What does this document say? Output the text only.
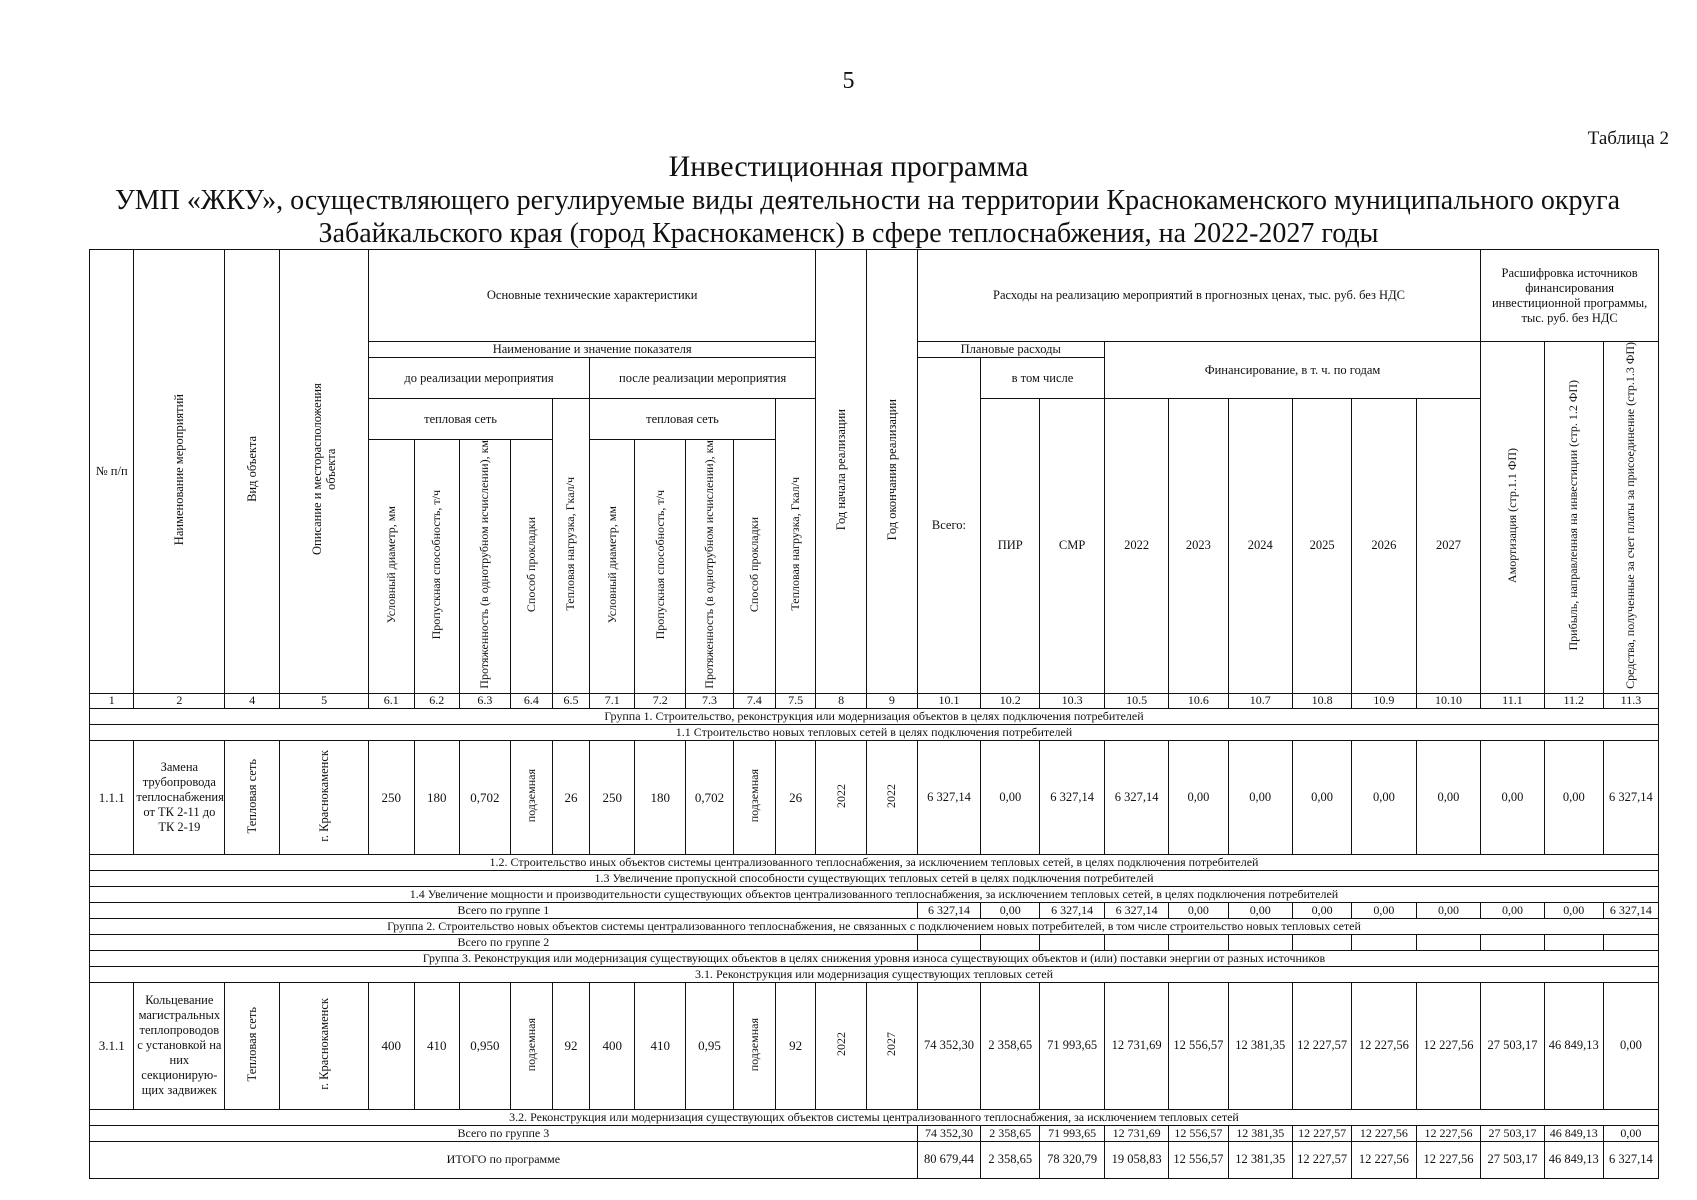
5
Таблица 2
Инвестиционная программа
УМП «ЖКУ», осуществляющего регулируемые виды деятельности на территории Краснокаменского муниципального округа
Забайкальского края (город Краснокаменск) в сфере теплоснабжения, на 2022-2027 годы
№ п/п	Наименование мероприятий	Вид объекта	Описание и месторасположения объекта	Основные технические характеристики										Год начала реализации	Год окончания реализации	Расходы на реализацию мероприятий в прогнозных ценах, тыс. руб. без НДС									Расшифровка источников финансирования инвестиционной программы, тыс. руб. без НДС		
				Наименование и значение показателя												Плановые расходы			Финансирование, в т. ч. по годам						Амортизация (стр.1.1 ФП)	Прибыль, направленная на инвестиции (стр. 1.2 ФП)	Средства, полученные за счет платы за присоединение (стр.1.3 ФП)
				до реализации мероприятия					после реализации мероприятия							Всего:	в том числе										
				тепловая сеть				Тепловая нагрузка, Гкал/ч	тепловая сеть				Тепловая нагрузка, Гкал/ч				ПИР	СМР	2022	2023	2024	2025	2026	2027			
				Условный диаметр, мм	Пропускная способность, т/ч	Протяженность (в однотрубном исчислении), км	Способ прокладки		Условный диаметр, мм	Пропускная способность, т/ч	Протяженность (в однотрубном исчислении), км	Способ прокладки															

1	2	4	5	6.1	6.2	6.3	6.4	6.5	7.1	7.2	7.3	7.4	7.5	8	9	10.1	10.2	10.3	10.5	10.6	10.7	10.8	10.9	10.10	11.1	11.2	11.3
Группа 1. Строительство, реконструкция или модернизация объектов в целях подключения потребителей																											
1.1 Строительство новых тепловых сетей в целях подключения потребителей																											
1.1.1	Замена трубопровода теплоснабжения от ТК 2-11 до ТК 2-19	Тепловая сеть	г. Краснокаменск	250	180	0,702	подземная	26	250	180	0,702	подземная	26	2022	2022	6 327,14	0,00	6 327,14	6 327,14	0,00	0,00	0,00	0,00	0,00	0,00	0,00	6 327,14
1.2. Строительство иных объектов системы централизованного теплоснабжения, за исключением тепловых сетей, в целях подключения потребителей																											
1.3 Увеличение пропускной способности существующих тепловых сетей в целях подключения потребителей																											
1.4 Увеличение мощности и производительности существующих объектов централизованного теплоснабжения, за исключением тепловых сетей, в целях подключения потребителей																											
Всего по группе 1																6 327,14	0,00	6 327,14	6 327,14	0,00	0,00	0,00	0,00	0,00	0,00	0,00	6 327,14
Группа 2. Строительство новых объектов системы централизованного теплоснабжения, не связанных с подключением новых потребителей, в том числе строительство новых тепловых сетей																											
Всего по группе 2																											
Группа 3. Реконструкция или модернизация существующих объектов в целях снижения уровня износа существующих объектов и (или) поставки энергии от разных источников																											
3.1. Реконструкция или модернизация существующих тепловых сетей																											
3.1.1	Кольцевание магистральных теплопроводов с установкой на них секционирую-щих задвижек	Тепловая сеть	г. Краснокаменск	400	410	0,950	подземная	92	400	410	0,95	подземная	92	2022	2027	74 352,30	2 358,65	71 993,65	12 731,69	12 556,57	12 381,35	12 227,57	12 227,56	12 227,56	27 503,17	46 849,13	0,00
3.2. Реконструкция или модернизация существующих объектов системы централизованного теплоснабжения, за исключением тепловых сетей																											
Всего по группе 3																74 352,30	2 358,65	71 993,65	12 731,69	12 556,57	12 381,35	12 227,57	12 227,56	12 227,56	27 503,17	46 849,13	0,00
ИТОГО по программе																80 679,44	2 358,65	78 320,79	19 058,83	12 556,57	12 381,35	12 227,57	12 227,56	12 227,56	27 503,17	46 849,13	6 327,14
